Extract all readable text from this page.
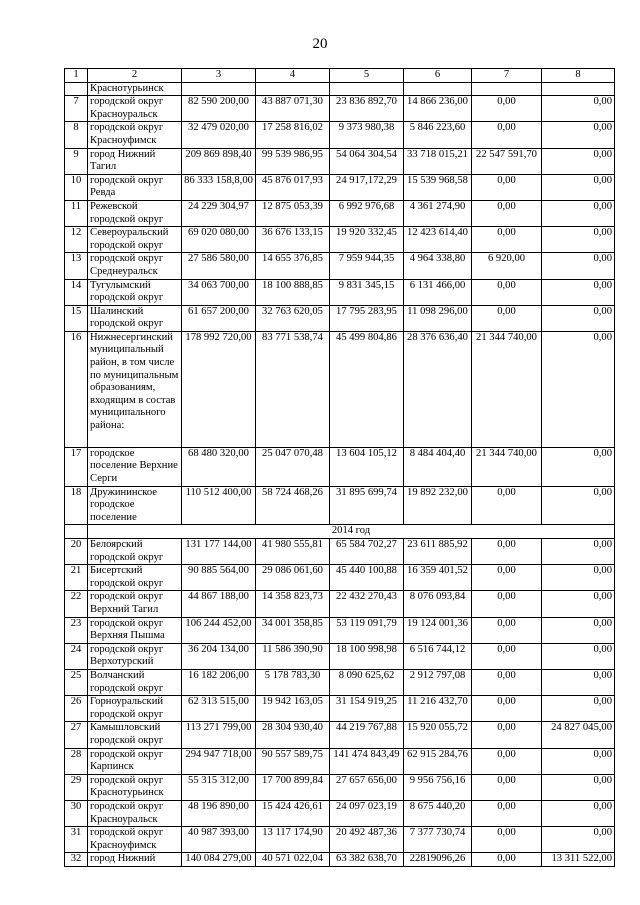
20
1	2	3	4	5	6	7	8
	Краснотурьинск						
7	городской округ Красноуральск	82 590 200,00	43 887 071,30	23 836 892,70	14 866 236,00	0,00	0,00
8	городской округ Красноуфимск	32 479 020,00	17 258 816,02	9 373 980,38	5 846 223,60	0,00	0,00
9	город Нижний Тагил	209 869 898,40	99 539 986,95	54 064 304,54	33 718 015,21	22 547 591,70	0,00
10	городской округ Ревда	86 333 158,8,00	45 876 017,93	24 917,172,29	15 539 968,58	0,00	0,00
11	Режевской городской округ	24 229 304,97	12 875 053,39	6 992 976,68	4 361 274,90	0,00	0,00
12	Североуральский городской округ	69 020 080,00	36 676 133,15	19 920 332,45	12 423 614,40	0,00	0,00
13	городской округ Среднеуральск	27 586 580,00	14 655 376,85	7 959 944,35	4 964 338,80	6 920,00	0,00
14	Тугулымский городской округ	34 063 700,00	18 100 888,85	9 831 345,15	6 131 466,00	0,00	0,00
15	Шалинский городской округ	61 657 200,00	32 763 620,05	17 795 283,95	11 098 296,00	0,00	0,00
16	Нижнесергинский муниципальный район, в том числе по муниципальным образованиям, входящим в состав муниципального района:	178 992 720,00	83 771 538,74	45 499 804,86	28 376 636,40	21 344 740,00	0,00
17	городское поселение Верхние Серги	68 480 320,00	25 047 070,48	13 604 105,12	8 484 404,40	21 344 740,00	0,00
18	Дружининское городское поселение	110 512 400,00	58 724 468,26	31 895 699,74	19 892 232,00	0,00	0,00
	2014 год						
20	Белоярский городской округ	131 177 144,00	41 980 555,81	65 584 702,27	23 611 885,92	0,00	0,00
21	Бисертский городской округ	90 885 564,00	29 086 061,60	45 440 100,88	16 359 401,52	0,00	0,00
22	городской округ Верхний Тагил	44 867 188,00	14 358 823,73	22 432 270,43	8 076 093,84	0,00	0,00
23	городской округ Верхняя Пышма	106 244 452,00	34 001 358,85	53 119 091,79	19 124 001,36	0,00	0,00
24	городской округ Верхотурский	36 204 134,00	11 586 390,90	18 100 998,98	6 516 744,12	0,00	0,00
25	Волчанский городской округ	16 182 206,00	5 178 783,30	8 090 625,62	2 912 797,08	0,00	0,00
26	Горноуральский городской округ	62 313 515,00	19 942 163,05	31 154 919,25	11 216 432,70	0,00	0,00
27	Камышловский городской округ	113 271 799,00	28 304 930,40	44 219 767,88	15 920 055,72	0,00	24 827 045,00
28	городской округ Карпинск	294 947 718,00	90 557 589,75	141 474 843,49	62 915 284,76	0,00	0,00
29	городской округ Краснотурьинск	55 315 312,00	17 700 899,84	27 657 656,00	9 956 756,16	0,00	0,00
30	городской округ Красноуральск	48 196 890,00	15 424 426,61	24 097 023,19	8 675 440,20	0,00	0,00
31	городской округ Красноуфимск	40 987 393,00	13 117 174,90	20 492 487,36	7 377 730,74	0,00	0,00
32	город Нижний	140 084 279,00	40 571 022,04	63 382 638,70	22819096,26	0,00	13 311 522,00
